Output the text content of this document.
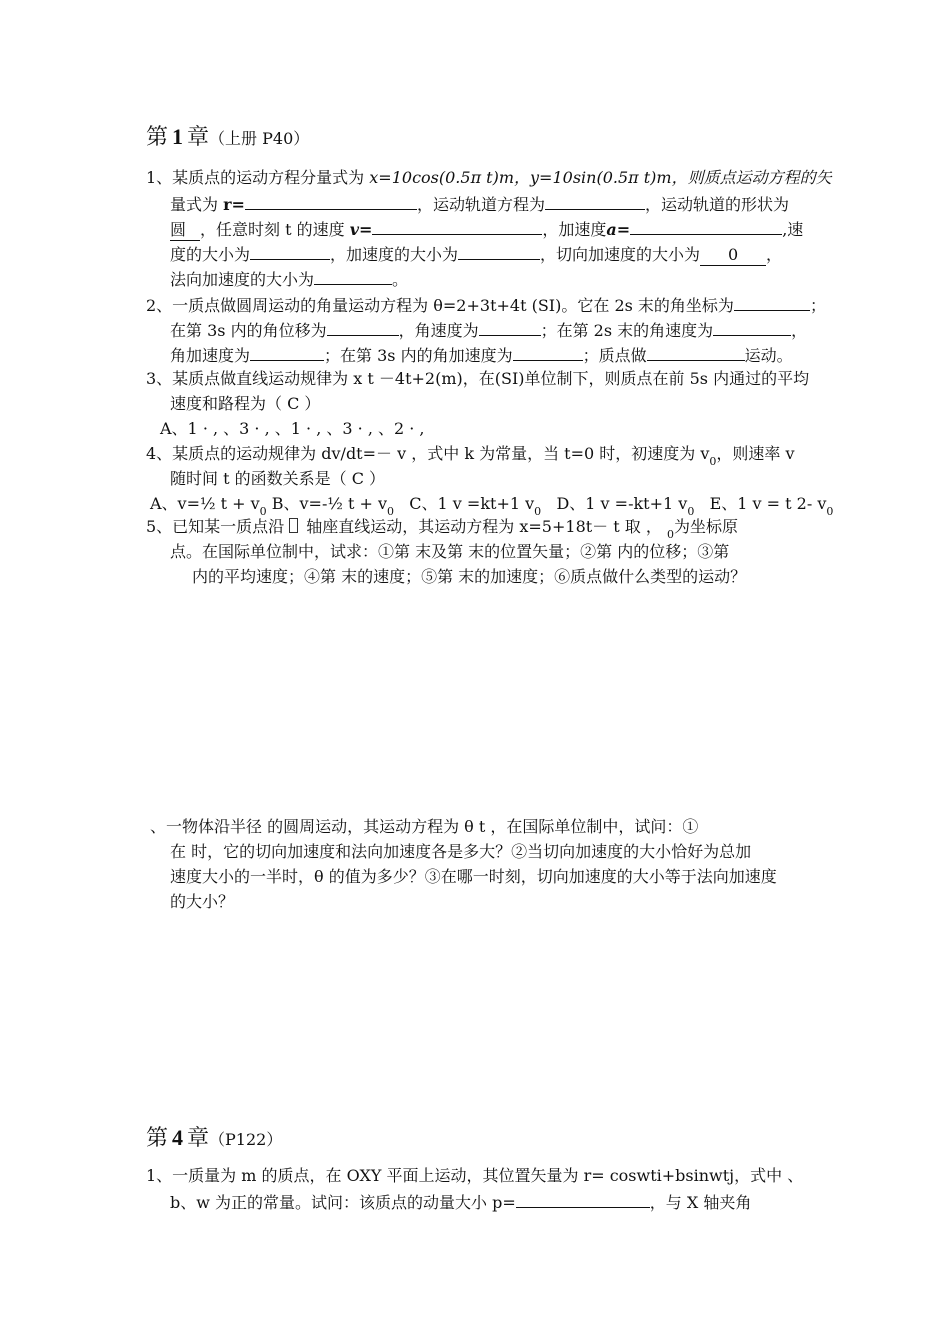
第 1 章（上册 P40）
1、某质点的运动方程分量式为 x=10cos(0.5π t)m，y=10sin(0.5π t)m，则质点运动方程的矢
量式为 r=	，运动轨道方程为	，运动轨道的形状为
圆 ，任意时刻 t 的速度 v=	，加速度a=	,速
度的大小为	，加速度的大小为	，切向加速度的大小为 0 ，
法向加速度的大小为	。
2、一质点做圆周运动的角量运动方程为 θ=2+3t+4t (SI)。它在 2s 末的角坐标为	；
在第 3s 内的角位移为	，角速度为	；在第 2s 末的角速度为	，
角加速度为	；在第 3s 内的角加速度为	；质点做	运动。
3、某质点做直线运动规律为 x t －4t+2(m)，在(SI)单位制下，则质点在前 5s 内通过的平均
速度和路程为（ C ）
A、1 · , 、3 · , 、1 · , 、3 · , 、2 · ,
4、某质点的运动规律为 dv/dt=－ v ，式中 k 为常量，当 t=0 时，初速度为 $v_0$，则速率 v
随时间 t 的函数关系是（ C ）
A、v=½ $t + v_0$ B、v=-½ $t + v_0$ C、1 v =kt+1 $v_0$ D、1 v =-kt+1 $v_0$ E、1 v = t 2- $v_0$
5、已知某一质点沿 轴座直线运动，其运动方程为 x=5+18t－ t 取 ， $_0$为坐标原
点。在国际单位制中，试求：①第 末及第 末的位置矢量；②第 内的位移；③第
内的平均速度；④第 末的速度；⑤第 末的加速度；⑥质点做什么类型的运动？
、一物体沿半径 的圆周运动，其运动方程为 θ t ，在国际单位制中，试问：①
在 时，它的切向加速度和法向加速度各是多大？②当切向加速度的大小恰好为总加
速度大小的一半时，θ 的值为多少？③在哪一时刻，切向加速度的大小等于法向加速度
的大小？
第 4 章（P122）
1、一质量为 m 的质点，在 OXY 平面上运动，其位置矢量为 r= coswti+bsinwtj，式中 、
b、w 为正的常量。试问：该质点的动量大小 p=	，与 X 轴夹角
